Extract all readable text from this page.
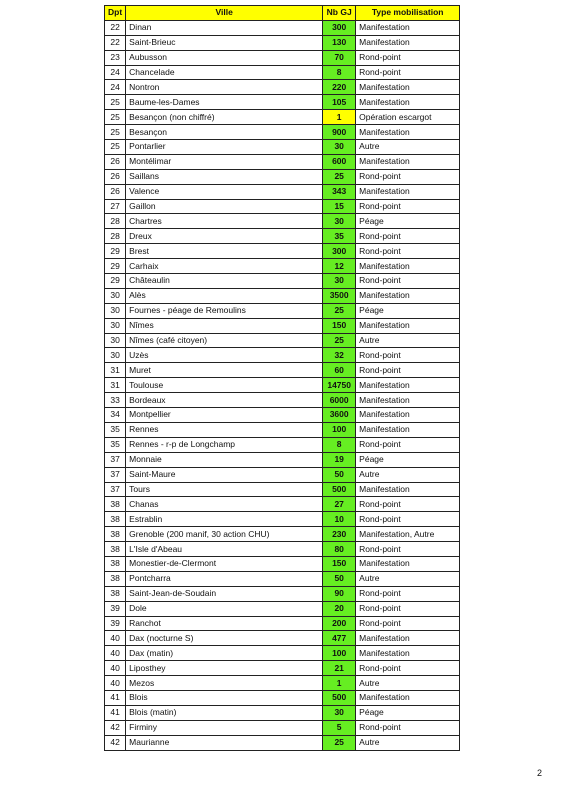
Dpt	Ville	Nb GJ	Type mobilisation
22	Dinan	300	Manifestation
22	Saint-Brieuc	130	Manifestation
23	Aubusson	70	Rond-point
24	Chancelade	8	Rond-point
24	Nontron	220	Manifestation
25	Baume-les-Dames	105	Manifestation
25	Besançon (non chiffré)	1	Opération escargot
25	Besançon	900	Manifestation
25	Pontarlier	30	Autre
26	Montélimar	600	Manifestation
26	Saillans	25	Rond-point
26	Valence	343	Manifestation
27	Gaillon	15	Rond-point
28	Chartres	30	Péage
28	Dreux	35	Rond-point
29	Brest	300	Rond-point
29	Carhaix	12	Manifestation
29	Châteaulin	30	Rond-point
30	Alès	3500	Manifestation
30	Fournes - péage de Remoulins	25	Péage
30	Nîmes	150	Manifestation
30	Nîmes (café citoyen)	25	Autre
30	Uzès	32	Rond-point
31	Muret	60	Rond-point
31	Toulouse	14750	Manifestation
33	Bordeaux	6000	Manifestation
34	Montpellier	3600	Manifestation
35	Rennes	100	Manifestation
35	Rennes - r-p de Longchamp	8	Rond-point
37	Monnaie	19	Péage
37	Saint-Maure	50	Autre
37	Tours	500	Manifestation
38	Chanas	27	Rond-point
38	Estrablin	10	Rond-point
38	Grenoble (200 manif, 30 action CHU)	230	Manifestation, Autre
38	L'Isle d'Abeau	80	Rond-point
38	Monestier-de-Clermont	150	Manifestation
38	Pontcharra	50	Autre
38	Saint-Jean-de-Soudain	90	Rond-point
39	Dole	20	Rond-point
39	Ranchot	200	Rond-point
40	Dax (nocturne S)	477	Manifestation
40	Dax (matin)	100	Manifestation
40	Liposthey	21	Rond-point
40	Mezos	1	Autre
41	Blois	500	Manifestation
41	Blois (matin)	30	Péage
42	Firminy	5	Rond-point
42	Maurianne	25	Autre
2
